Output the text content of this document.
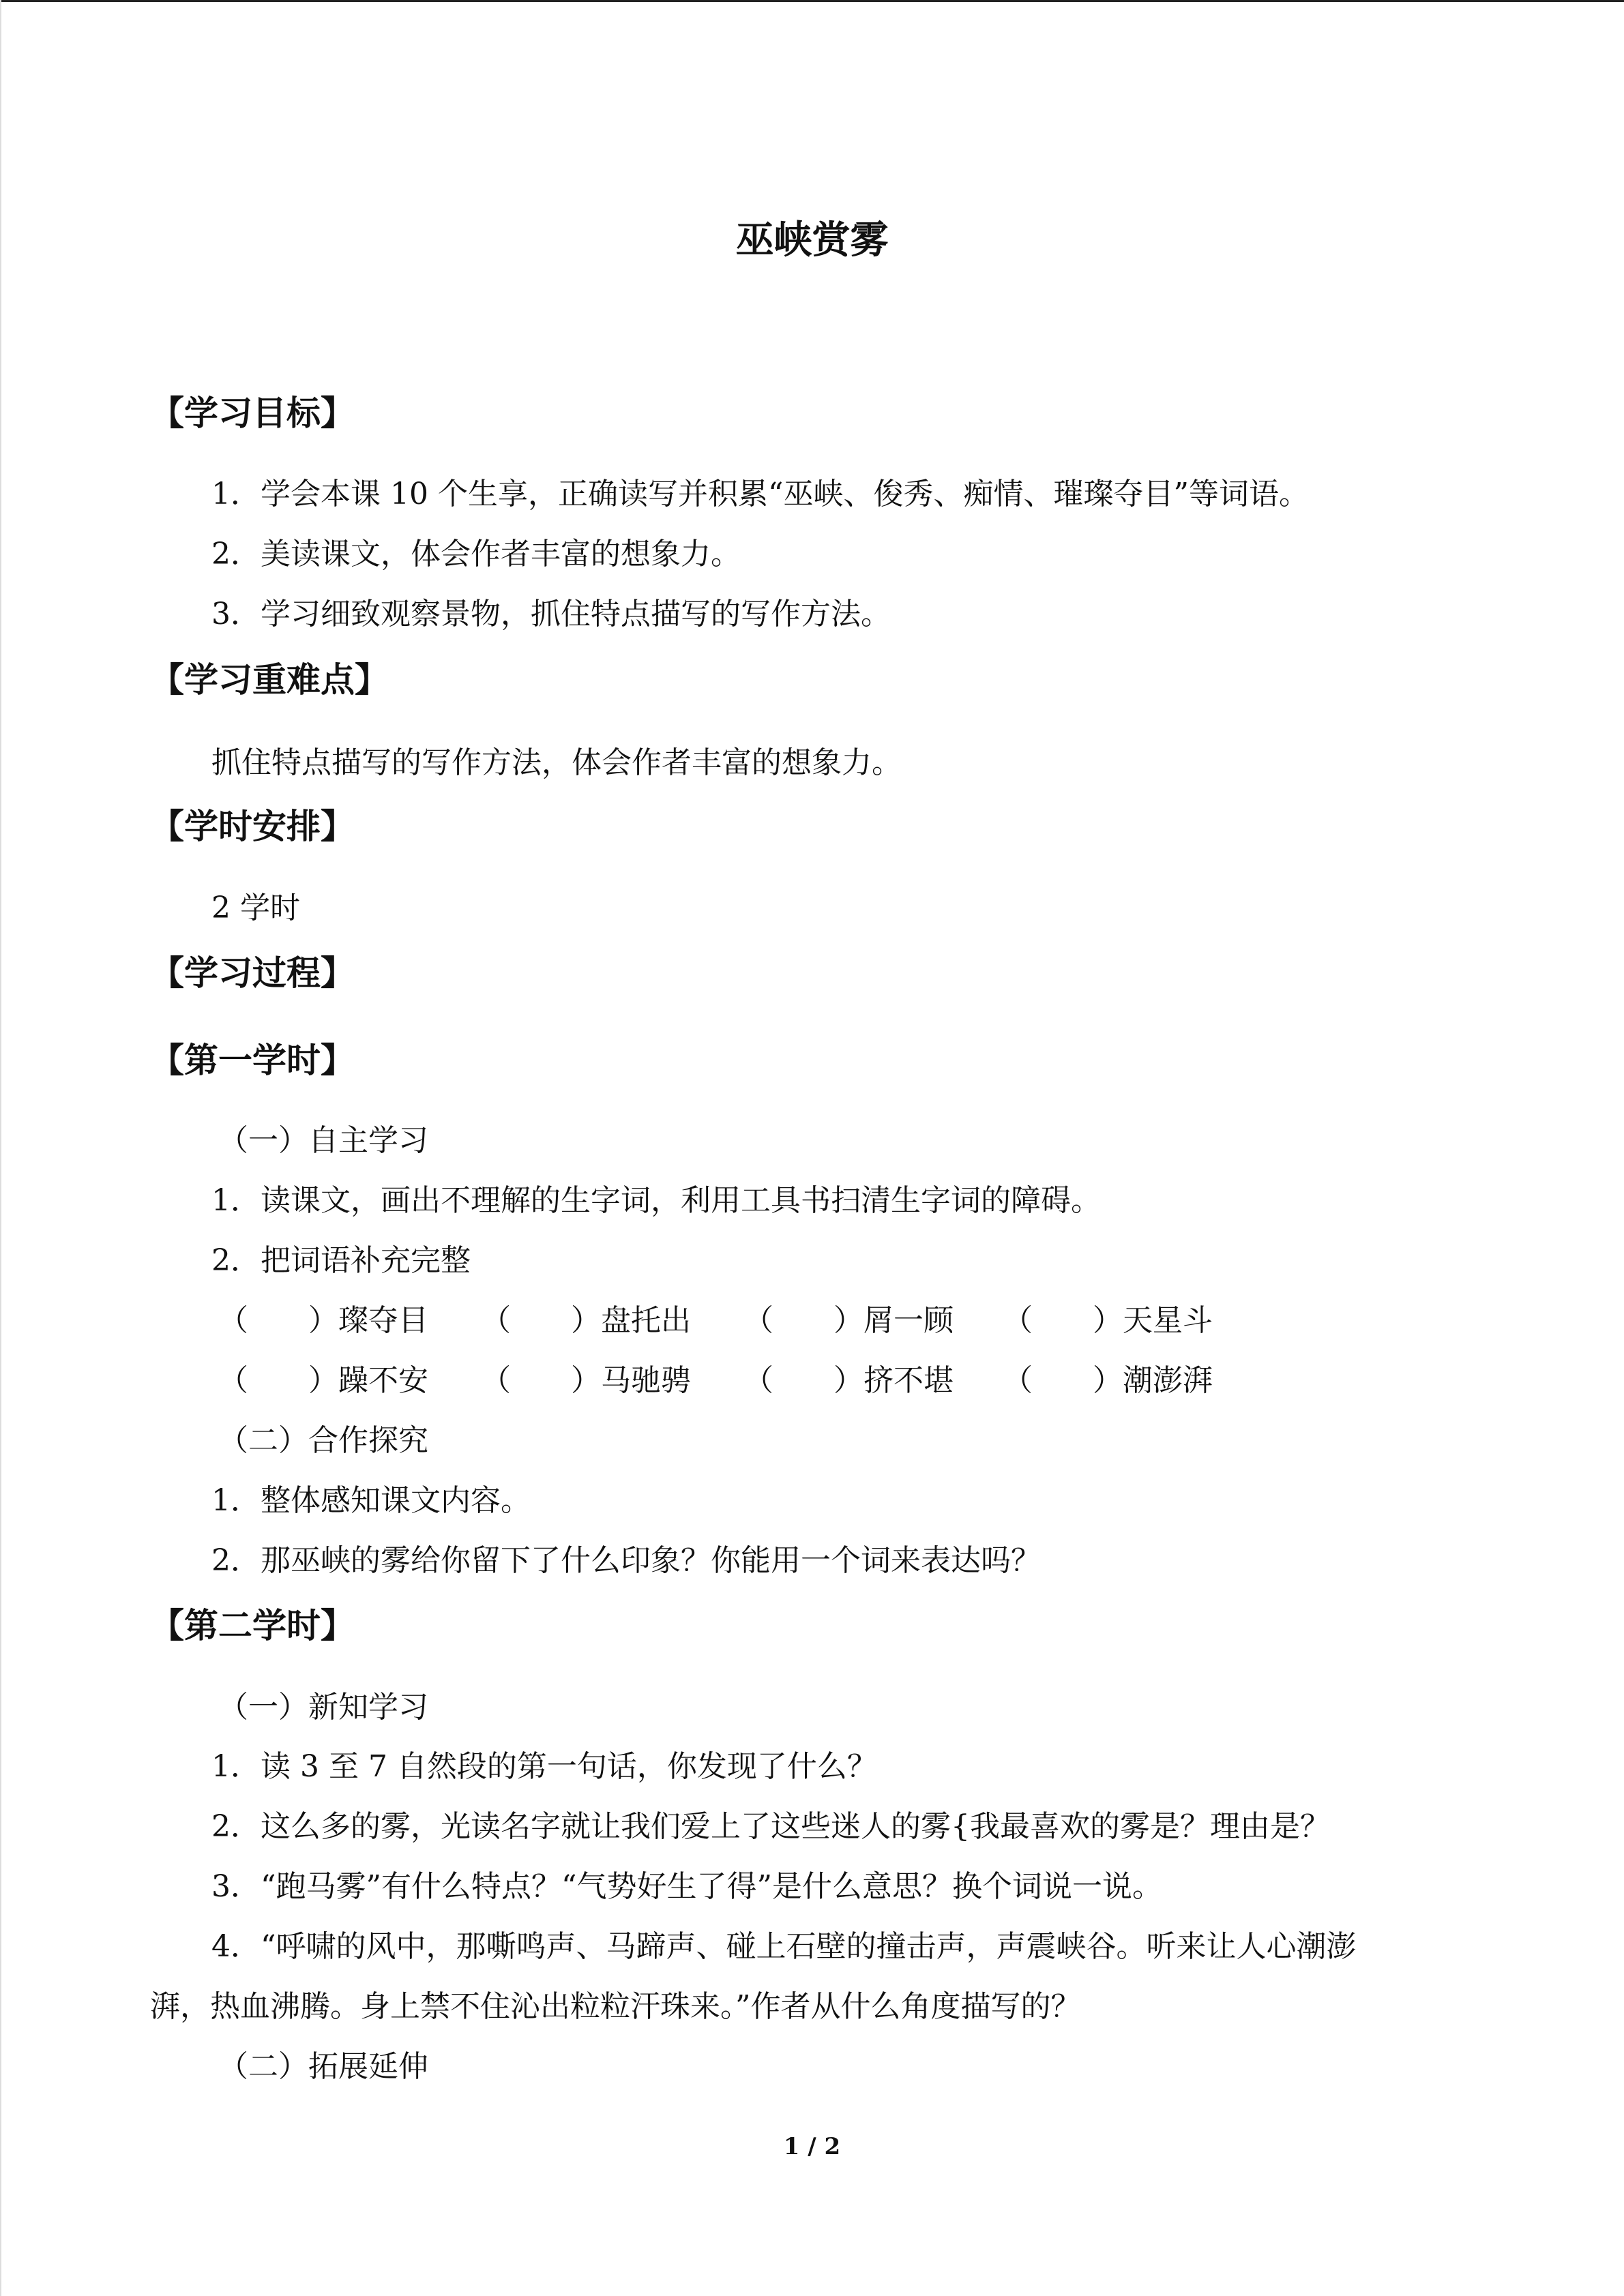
巫峡赏雾
【学习目标】
1．学会本课 10 个生享，正确读写并积累“巫峡、俊秀、痴情、璀璨夺目”等词语。
2．美读课文，体会作者丰富的想象力。
3．学习细致观察景物，抓住特点描写的写作方法。
【学习重难点】
抓住特点描写的写作方法，体会作者丰富的想象力。
【学时安排】
2 学时
【学习过程】
【第一学时】
（一）自主学习
1．读课文，画出不理解的生字词，利用工具书扫清生字词的障碍。
2．把词语补充完整
（　　）璨夺目 （　　）盘托出 （　　）屑一顾 （　　）天星斗
（　　）躁不安 （　　）马驰骋 （　　）挤不堪 （　　）潮澎湃
（二）合作探究
1．整体感知课文内容。
2．那巫峡的雾给你留下了什么印象？你能用一个词来表达吗？
【第二学时】
（一）新知学习
1．读 3 至 7 自然段的第一句话，你发现了什么？
2．这么多的雾，光读名字就让我们爱上了这些迷人的雾{我最喜欢的雾是？理由是？
3．“跑马雾”有什么特点？“气势好生了得”是什么意思？换个词说一说。
4．“呼啸的风中，那嘶鸣声、马蹄声、碰上石壁的撞击声，声震峡谷。听来让人心潮澎
湃，热血沸腾。身上禁不住沁出粒粒汗珠来。”作者从什么角度描写的？
（二）拓展延伸
1 / 2
